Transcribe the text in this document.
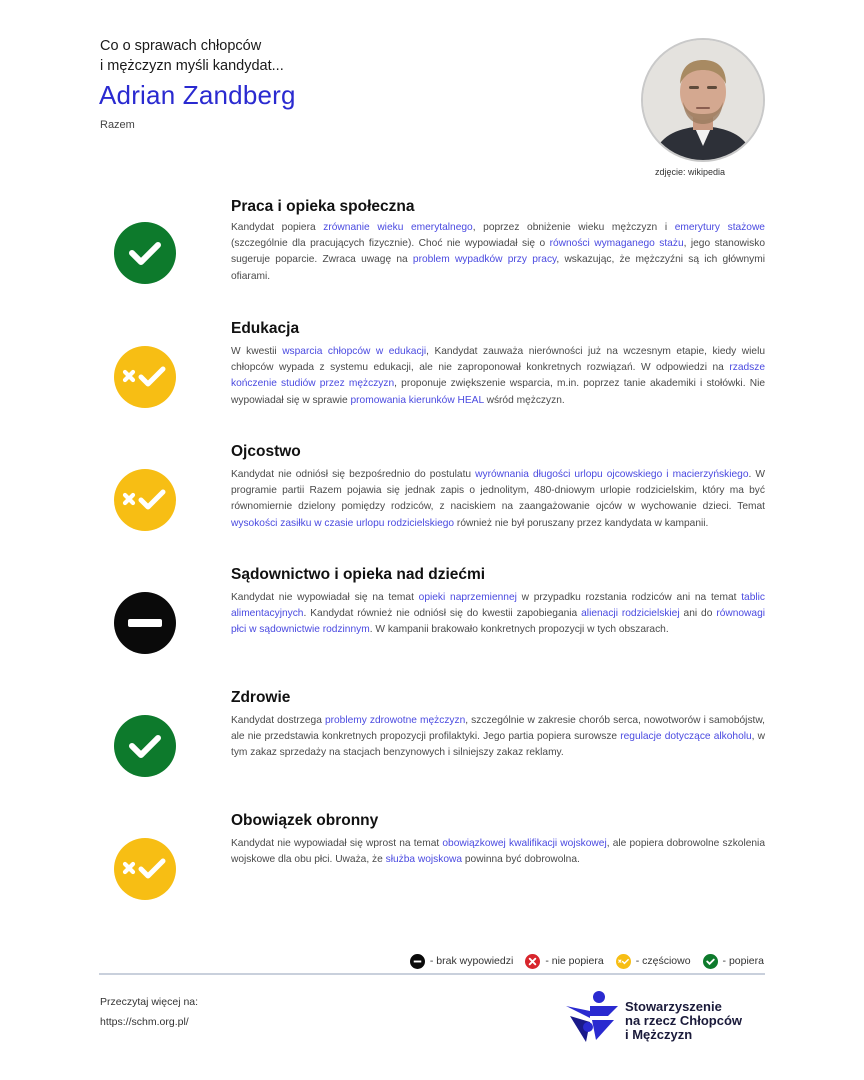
Co o sprawach chłopców
i mężczyzn myśli kandydat...
Adrian Zandberg
Razem
zdjęcie: wikipedia
Praca i opieka społeczna
Kandydat popiera zrównanie wieku emerytalnego, poprzez obniżenie wieku mężczyzn i emerytury stażowe (szczególnie dla pracujących fizycznie). Choć nie wypowiadał się o równości wymaganego stażu, jego stanowisko sugeruje poparcie. Zwraca uwagę na problem wypadków przy pracy, wskazując, że mężczyźni są ich głównymi ofiarami.
Edukacja
W kwestii wsparcia chłopców w edukacji, Kandydat zauważa nierówności już na wczesnym etapie, kiedy wielu chłopców wypada z systemu edukacji, ale nie zaproponował konkretnych rozwiązań. W odpowiedzi na rzadsze kończenie studiów przez mężczyzn, proponuje zwiększenie wsparcia, m.in. poprzez tanie akademiki i stołówki. Nie wypowiadał się w sprawie promowania kierunków HEAL wśród mężczyzn.
Ojcostwo
Kandydat nie odniósł się bezpośrednio do postulatu wyrównania długości urlopu ojcowskiego i macierzyńskiego. W programie partii Razem pojawia się jednak zapis o jednolitym, 480-dniowym urlopie rodzicielskim, który ma być równomiernie dzielony pomiędzy rodziców, z naciskiem na zaangażowanie ojców w wychowanie dzieci. Temat wysokości zasiłku w czasie urlopu rodzicielskiego również nie był poruszany przez kandydata w kampanii.
Sądownictwo i opieka nad dziećmi
Kandydat nie wypowiadał się na temat opieki naprzemiennej w przypadku rozstania rodziców ani na temat tablic alimentacyjnych. Kandydat również nie odniósł się do kwestii zapobiegania alienacji rodzicielskiej ani do równowagi płci w sądownictwie rodzinnym. W kampanii brakowało konkretnych propozycji w tych obszarach.
Zdrowie
Kandydat dostrzega problemy zdrowotne mężczyzn, szczególnie w zakresie chorób serca, nowotworów i samobójstw, ale nie przedstawia konkretnych propozycji profilaktyki. Jego partia popiera surowsze regulacje dotyczące alkoholu, w tym zakaz sprzedaży na stacjach benzynowych i silniejszy zakaz reklamy.
Obowiązek obronny
Kandydat nie wypowiadał się wprost na temat obowiązkowej kwalifikacji wojskowej, ale popiera dobrowolne szkolenia wojskowe dla obu płci. Uważa, że służba wojskowa powinna być dobrowolna.
- brak wypowiedzi	- nie popiera	- częściowo	- popiera
Przeczytaj więcej na:
https://schm.org.pl/
Stowarzyszenie
na rzecz Chłopców
i Mężczyzn
